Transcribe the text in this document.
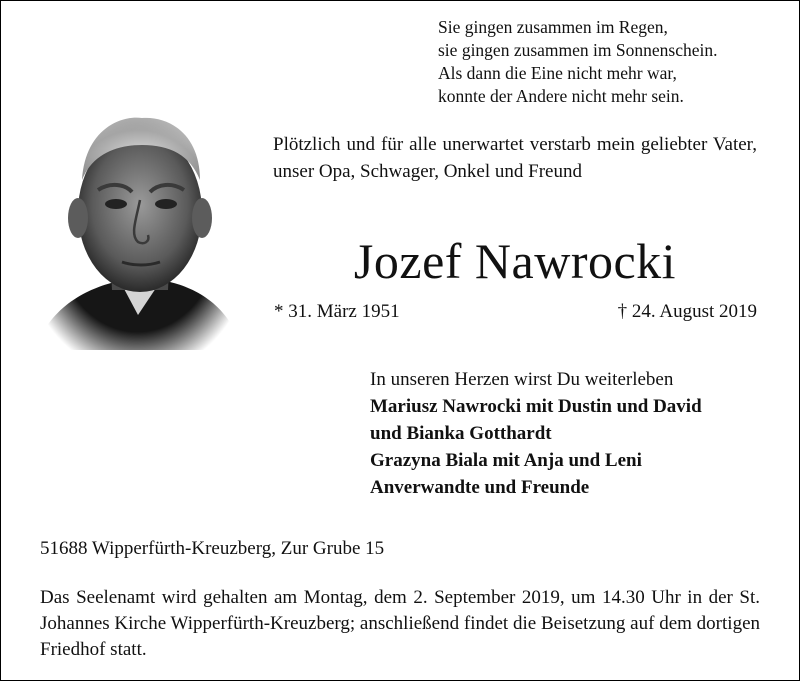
Sie gingen zusammen im Regen,
sie gingen zusammen im Sonnenschein.
Als dann die Eine nicht mehr war,
konnte der Andere nicht mehr sein.
Plötzlich und für alle unerwartet verstarb mein geliebter Vater, unser Opa, Schwager, Onkel und Freund
Jozef Nawrocki
* 31. März 1951	† 24. August 2019
In unseren Herzen wirst Du weiterleben
Mariusz Nawrocki mit Dustin und David
und Bianka Gotthardt
Grazyna Biala mit Anja und Leni
Anverwandte und Freunde
51688 Wipperfürth-Kreuzberg, Zur Grube 15
Das Seelenamt wird gehalten am Montag, dem 2. September 2019, um 14.30 Uhr in der St. Johannes Kirche Wipperfürth-Kreuzberg; anschließend findet die Beisetzung auf dem dortigen Friedhof statt.
